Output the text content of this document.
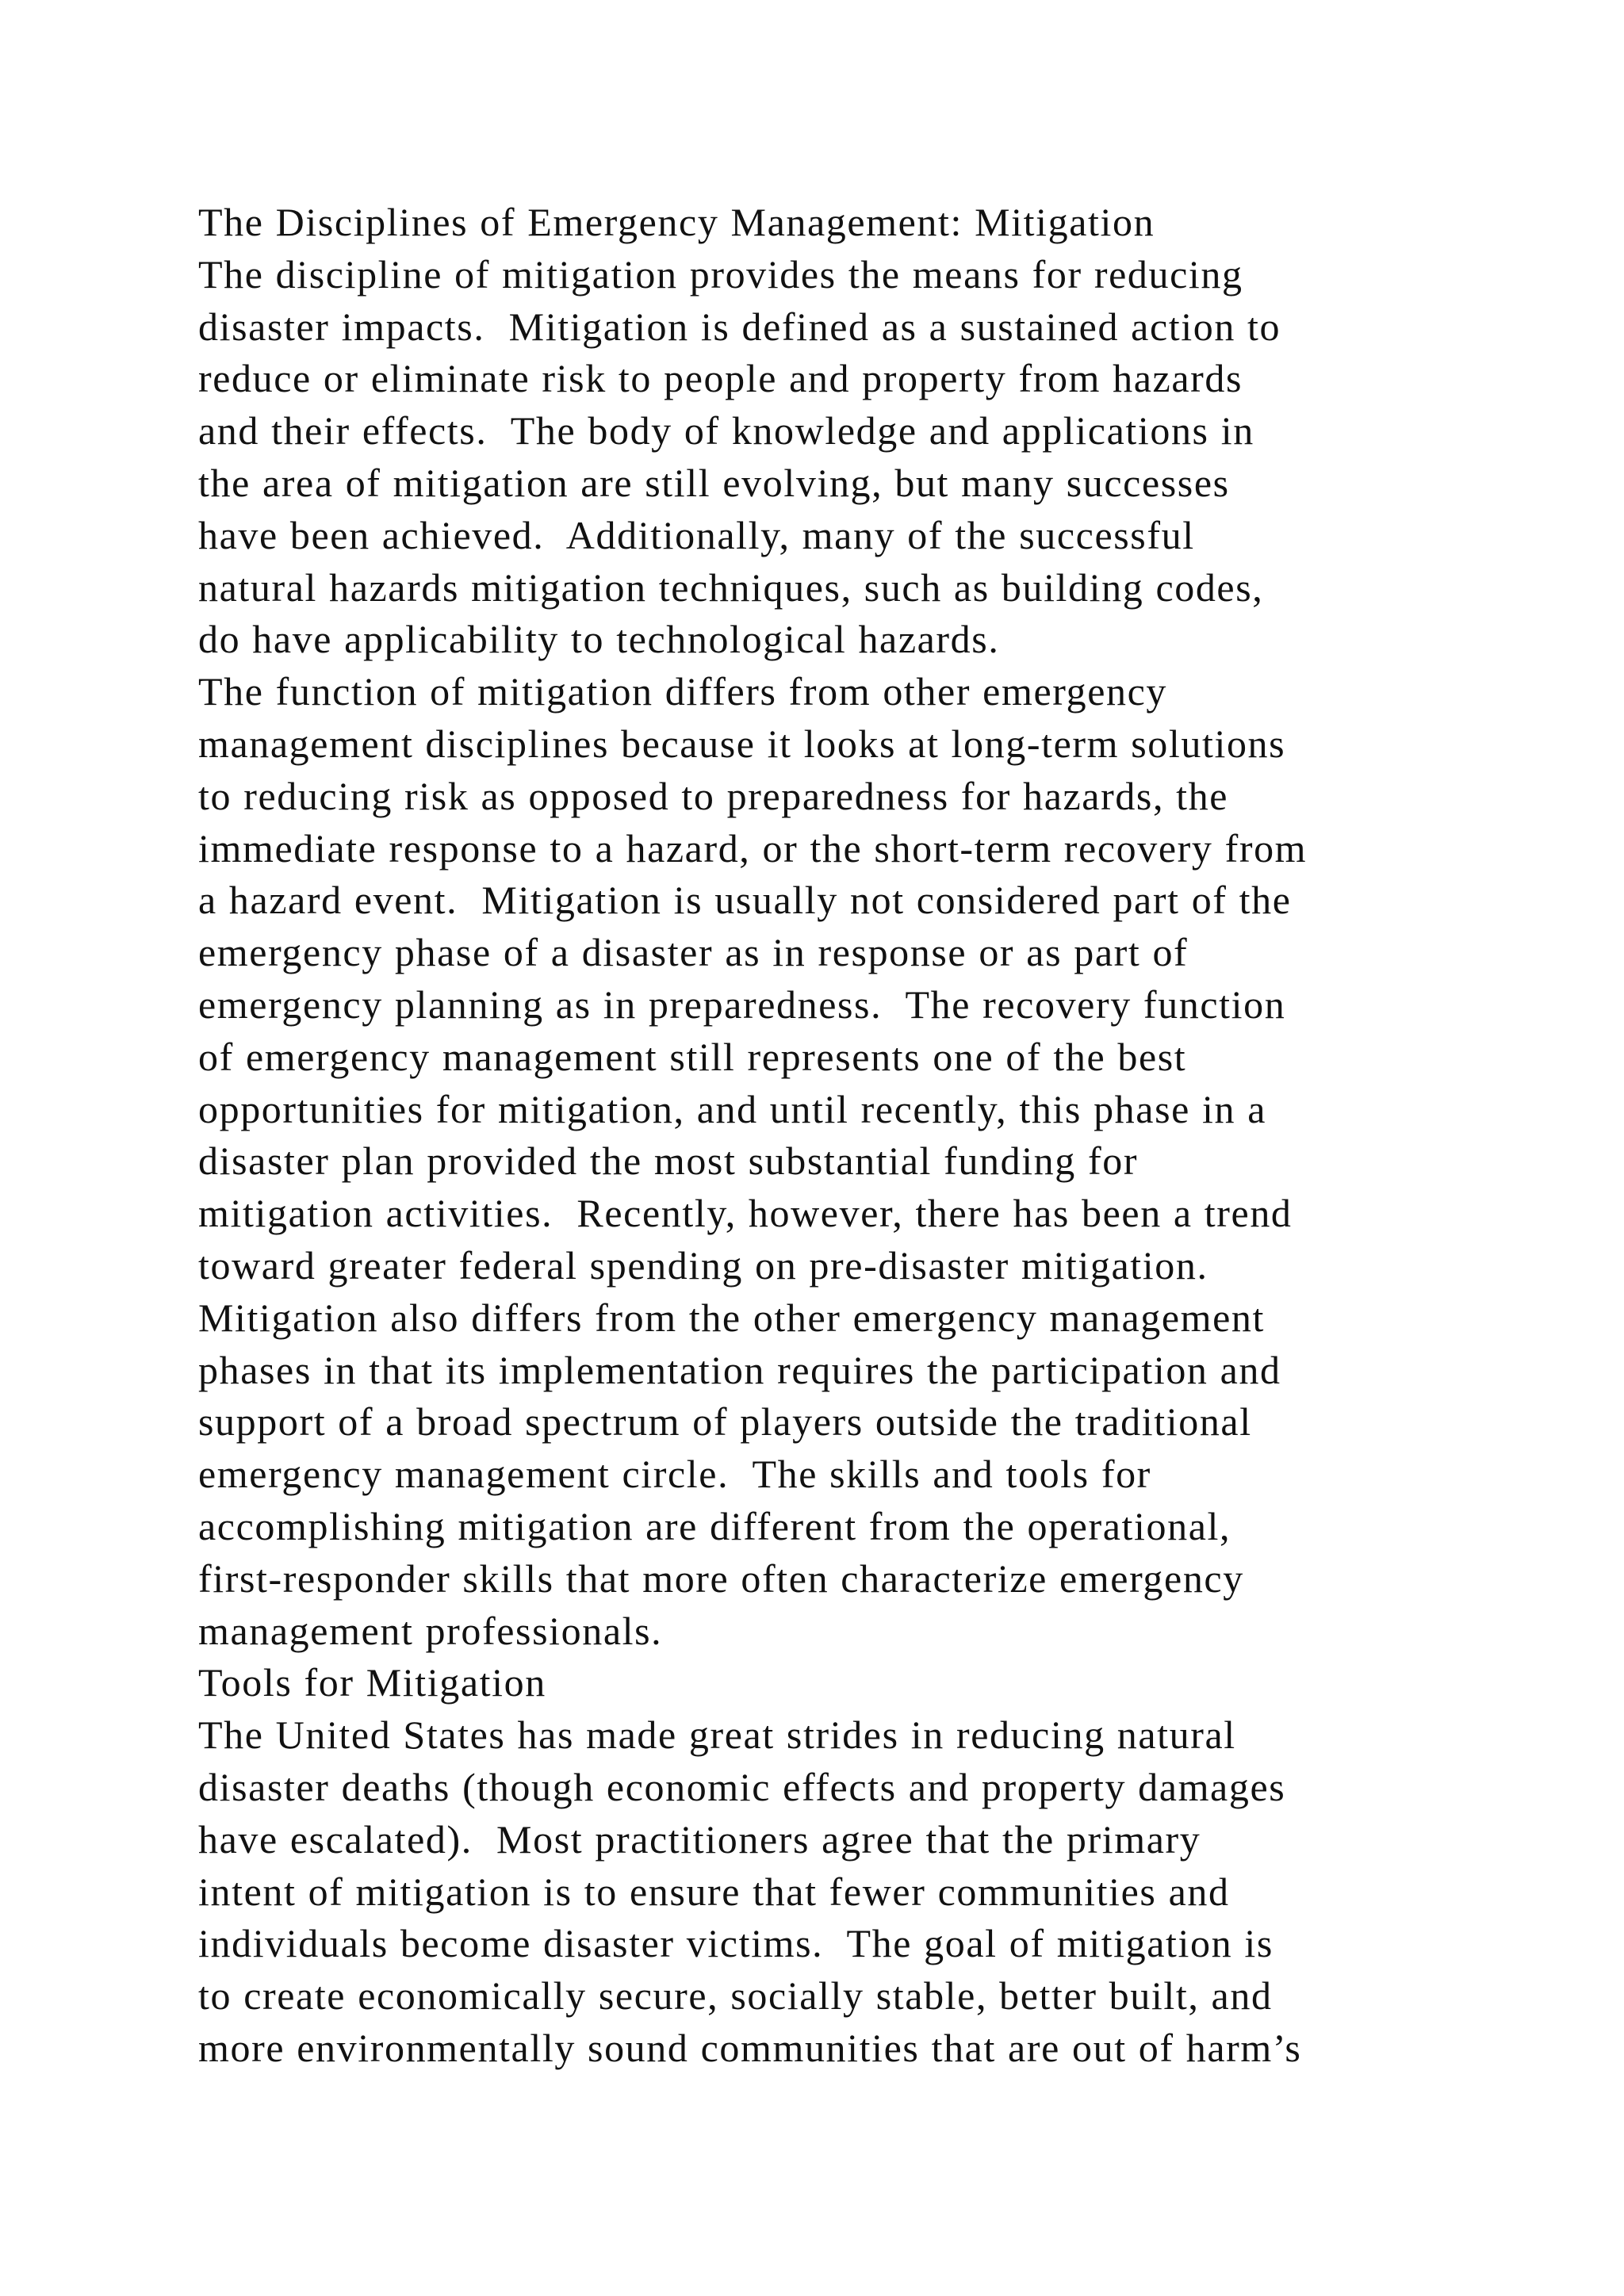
The Disciplines of Emergency Management: Mitigation
The discipline of mitigation provides the means for reducing
disaster impacts.  Mitigation is defined as a sustained action to
reduce or eliminate risk to people and property from hazards
and their effects.  The body of knowledge and applications in
the area of mitigation are still evolving, but many successes
have been achieved.  Additionally, many of the successful
natural hazards mitigation techniques, such as building codes,
do have applicability to technological hazards.
The function of mitigation differs from other emergency
management disciplines because it looks at long-term solutions
to reducing risk as opposed to preparedness for hazards, the
immediate response to a hazard, or the short-term recovery from
a hazard event.  Mitigation is usually not considered part of the
emergency phase of a disaster as in response or as part of
emergency planning as in preparedness.  The recovery function
of emergency management still represents one of the best
opportunities for mitigation, and until recently, this phase in a
disaster plan provided the most substantial funding for
mitigation activities.  Recently, however, there has been a trend
toward greater federal spending on pre-disaster mitigation.
Mitigation also differs from the other emergency management
phases in that its implementation requires the participation and
support of a broad spectrum of players outside the traditional
emergency management circle.  The skills and tools for
accomplishing mitigation are different from the operational,
first-responder skills that more often characterize emergency
management professionals.
Tools for Mitigation
The United States has made great strides in reducing natural
disaster deaths (though economic effects and property damages
have escalated).  Most practitioners agree that the primary
intent of mitigation is to ensure that fewer communities and
individuals become disaster victims.  The goal of mitigation is
to create economically secure, socially stable, better built, and
more environmentally sound communities that are out of harm’s
